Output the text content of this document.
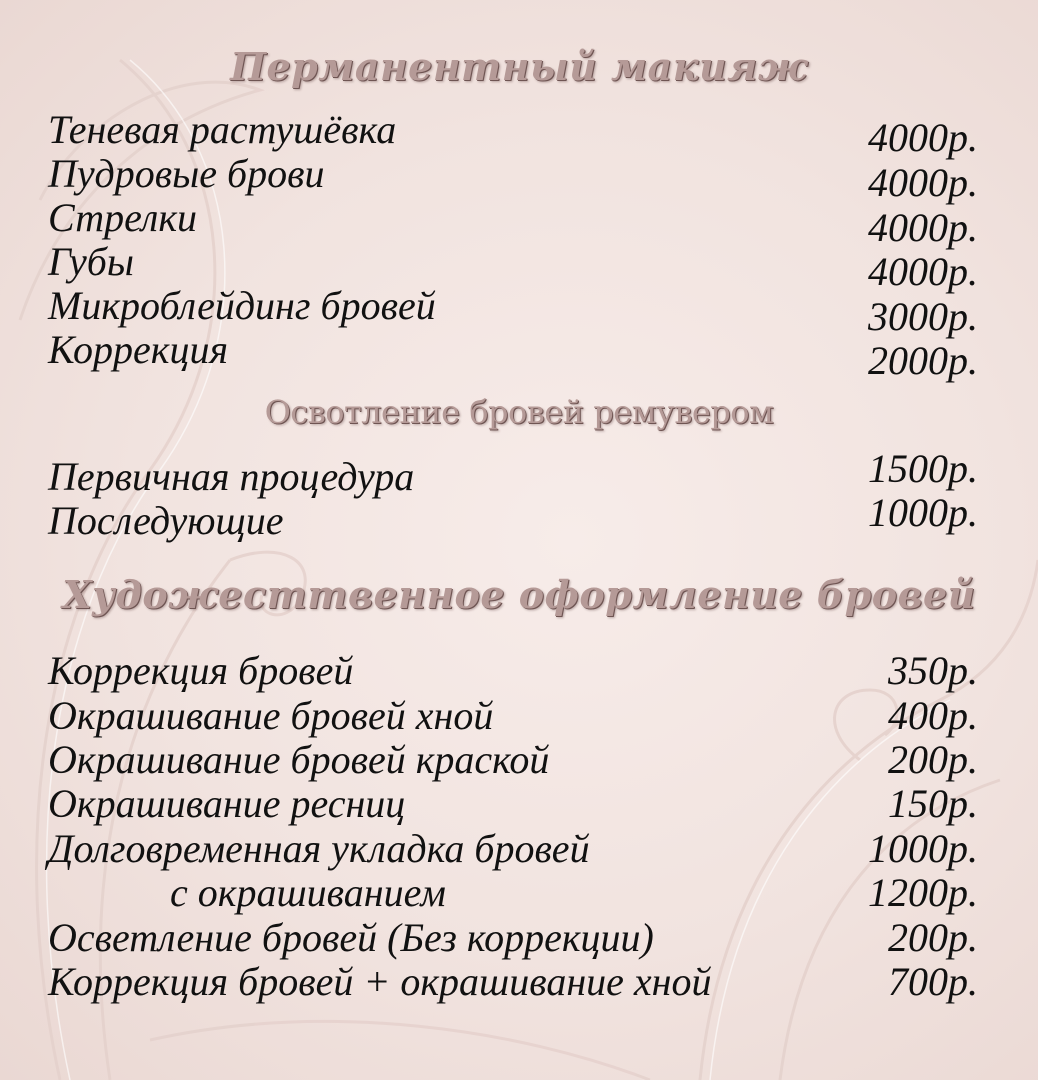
Перманентный макияж
Теневая растушёвка	4000р.
Пудровые брови	4000р.
Стрелки	4000р.
Губы	4000р.
Микроблейдинг бровей	3000р.
Коррекция	2000р.
Освотление бровей ремувером
Первичная процедура	1500р.
Последующие	1000р.
Художесттвенное оформление бровей
Коррекция бровей	350р.
Окрашивание бровей хной	400р.
Окрашивание бровей краской	200р.
Окрашиваниe ресниц	150р.
Долговременная укладка бровей	1000р.
с окрашиванием	1200р.
Осветление бровей (Без коррекции)	200р.
Коррекция бровей + окрашивание хной	700р.
